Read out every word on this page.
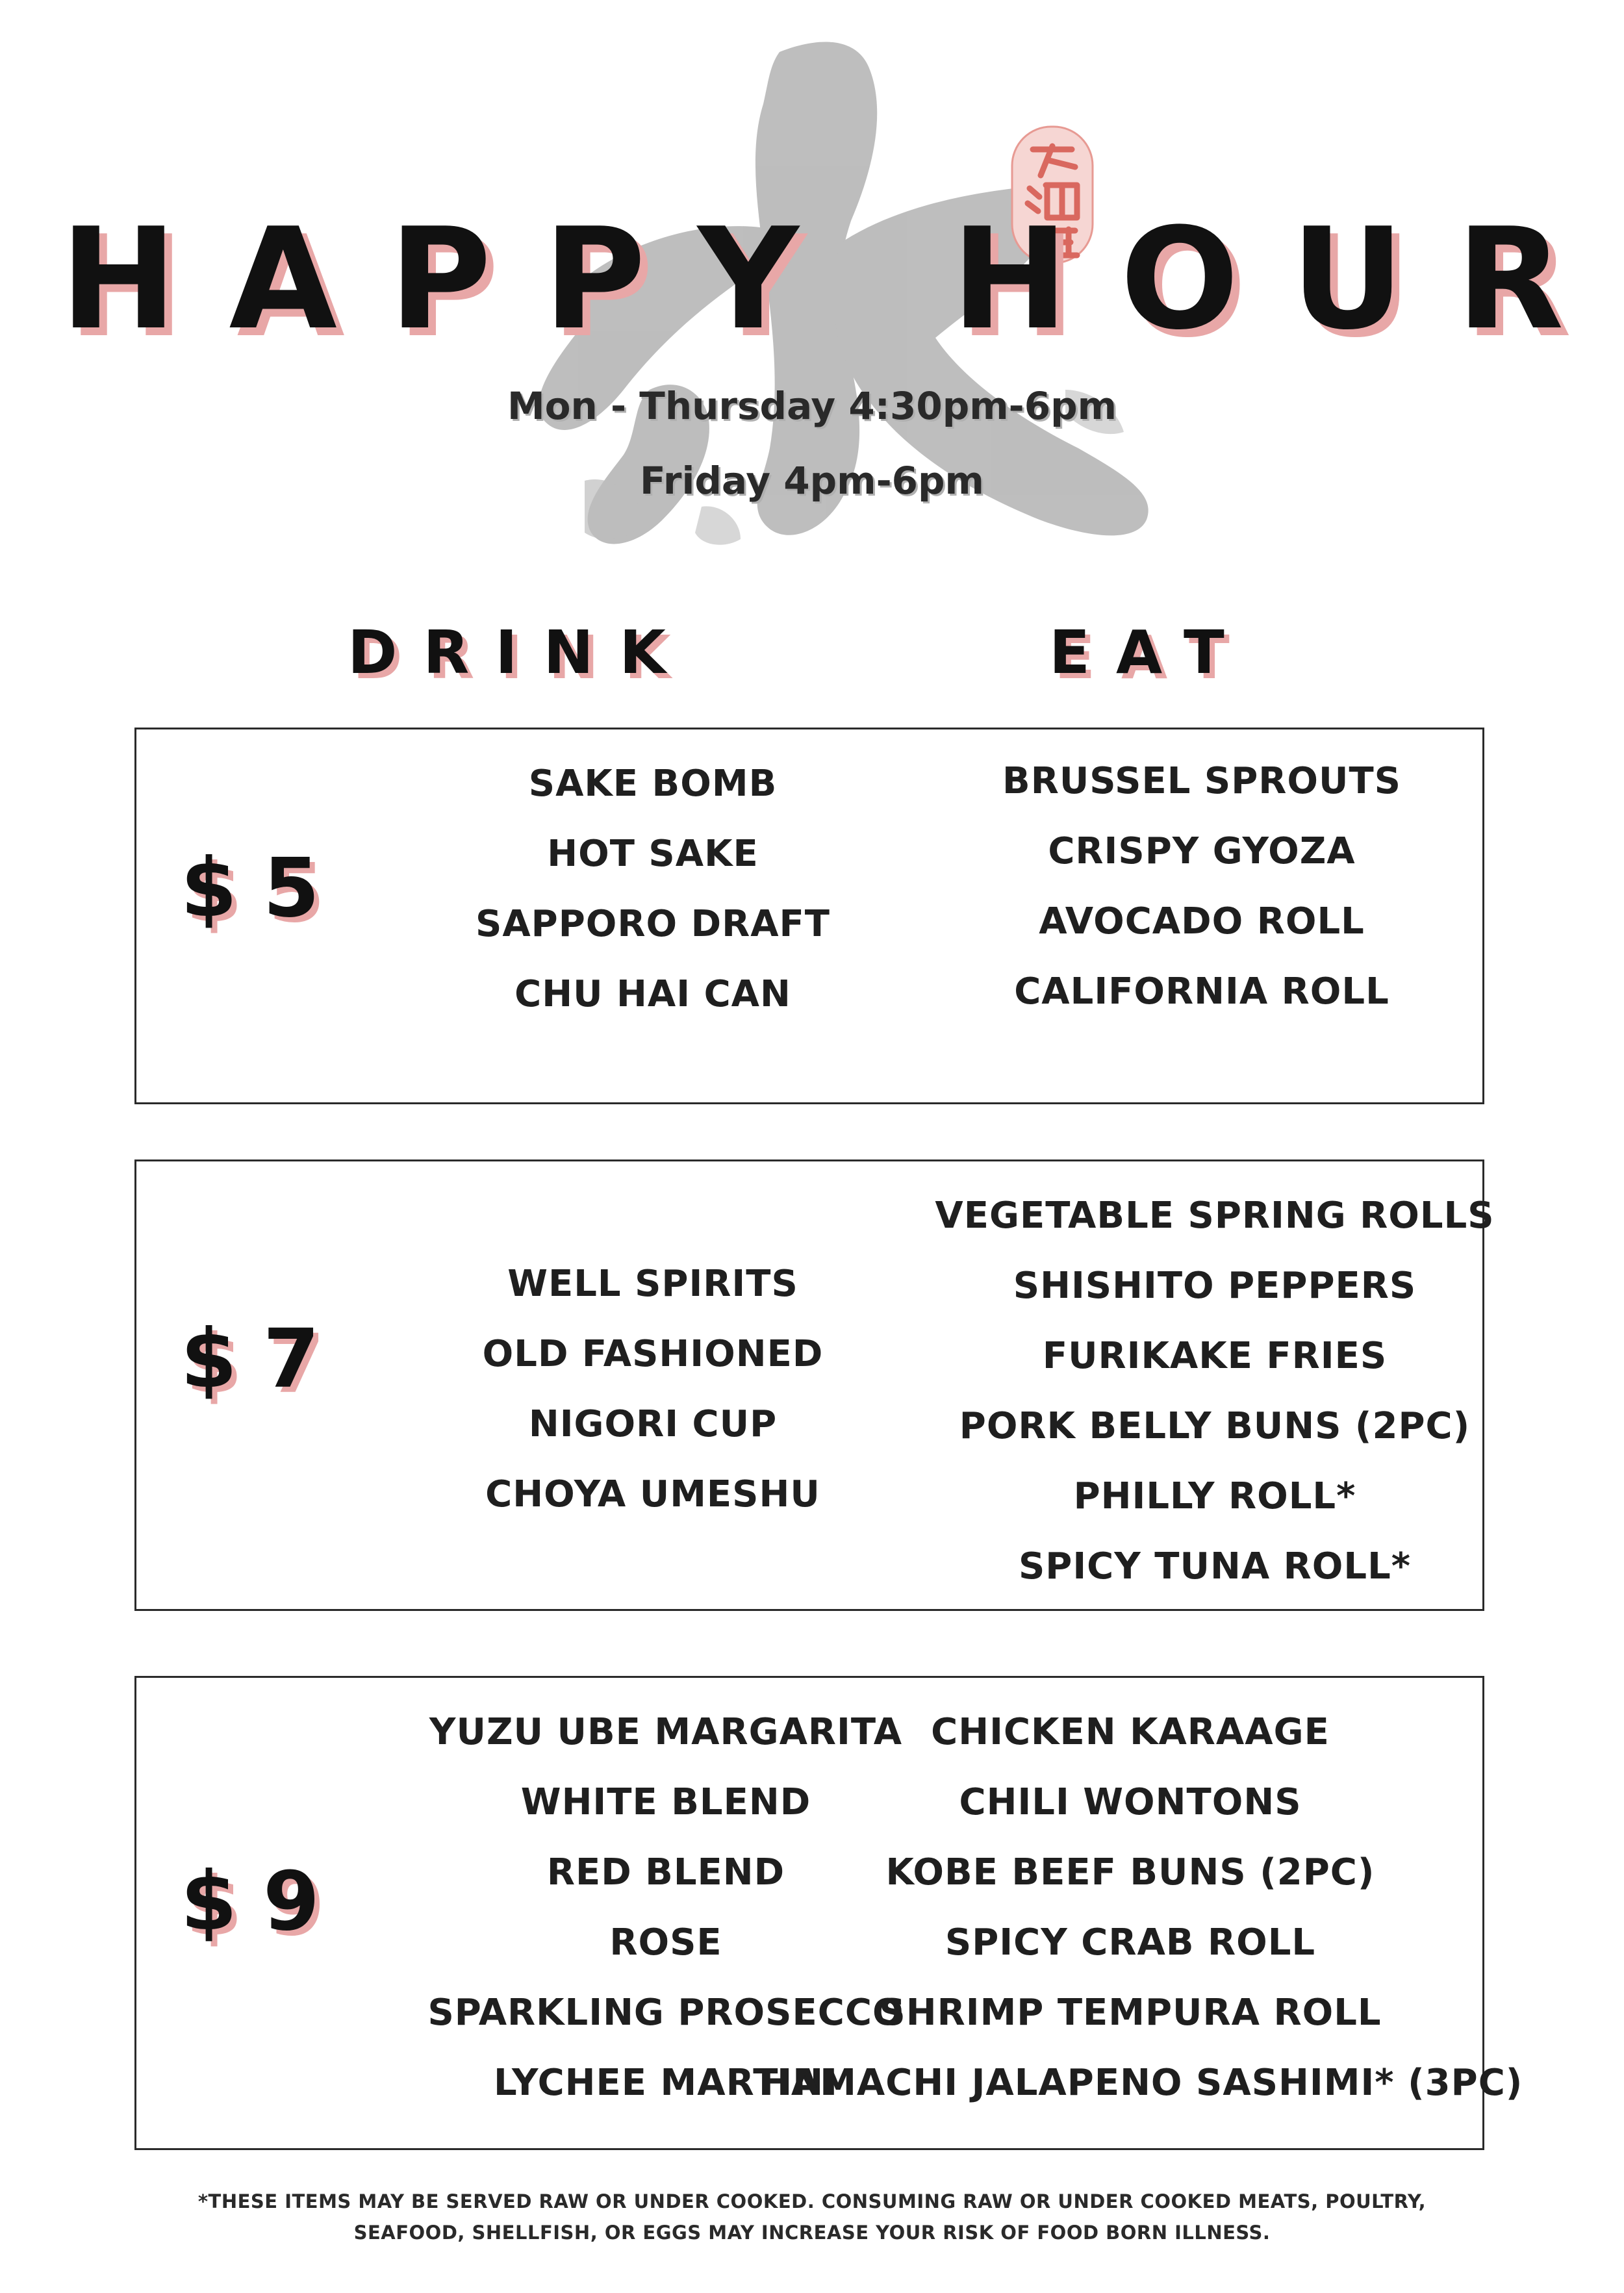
HAPPY HOUR
Mon - Thursday 4:30pm-6pm
Friday 4pm-6pm
DRINK	EAT
$5
SAKE BOMB
HOT SAKE
SAPPORO DRAFT
CHU HAI CAN
BRUSSEL SPROUTS
CRISPY GYOZA
AVOCADO ROLL
CALIFORNIA ROLL
$7
WELL SPIRITS
OLD FASHIONED
NIGORI CUP
CHOYA UMESHU
VEGETABLE SPRING ROLLS
SHISHITO PEPPERS
FURIKAKE FRIES
PORK BELLY BUNS (2PC)
PHILLY ROLL*
SPICY TUNA ROLL*
$9
YUZU UBE MARGARITA
WHITE BLEND
RED BLEND
ROSE
SPARKLING PROSECCO
LYCHEE MARTINI
CHICKEN KARAAGE
CHILI WONTONS
KOBE BEEF BUNS (2PC)
SPICY CRAB ROLL
SHRIMP TEMPURA ROLL
HAMACHI JALAPENO SASHIMI* (3PC)
*THESE ITEMS MAY BE SERVED RAW OR UNDER COOKED. CONSUMING RAW OR UNDER COOKED MEATS, POULTRY,
SEAFOOD, SHELLFISH, OR EGGS MAY INCREASE YOUR RISK OF FOOD BORN ILLNESS.
